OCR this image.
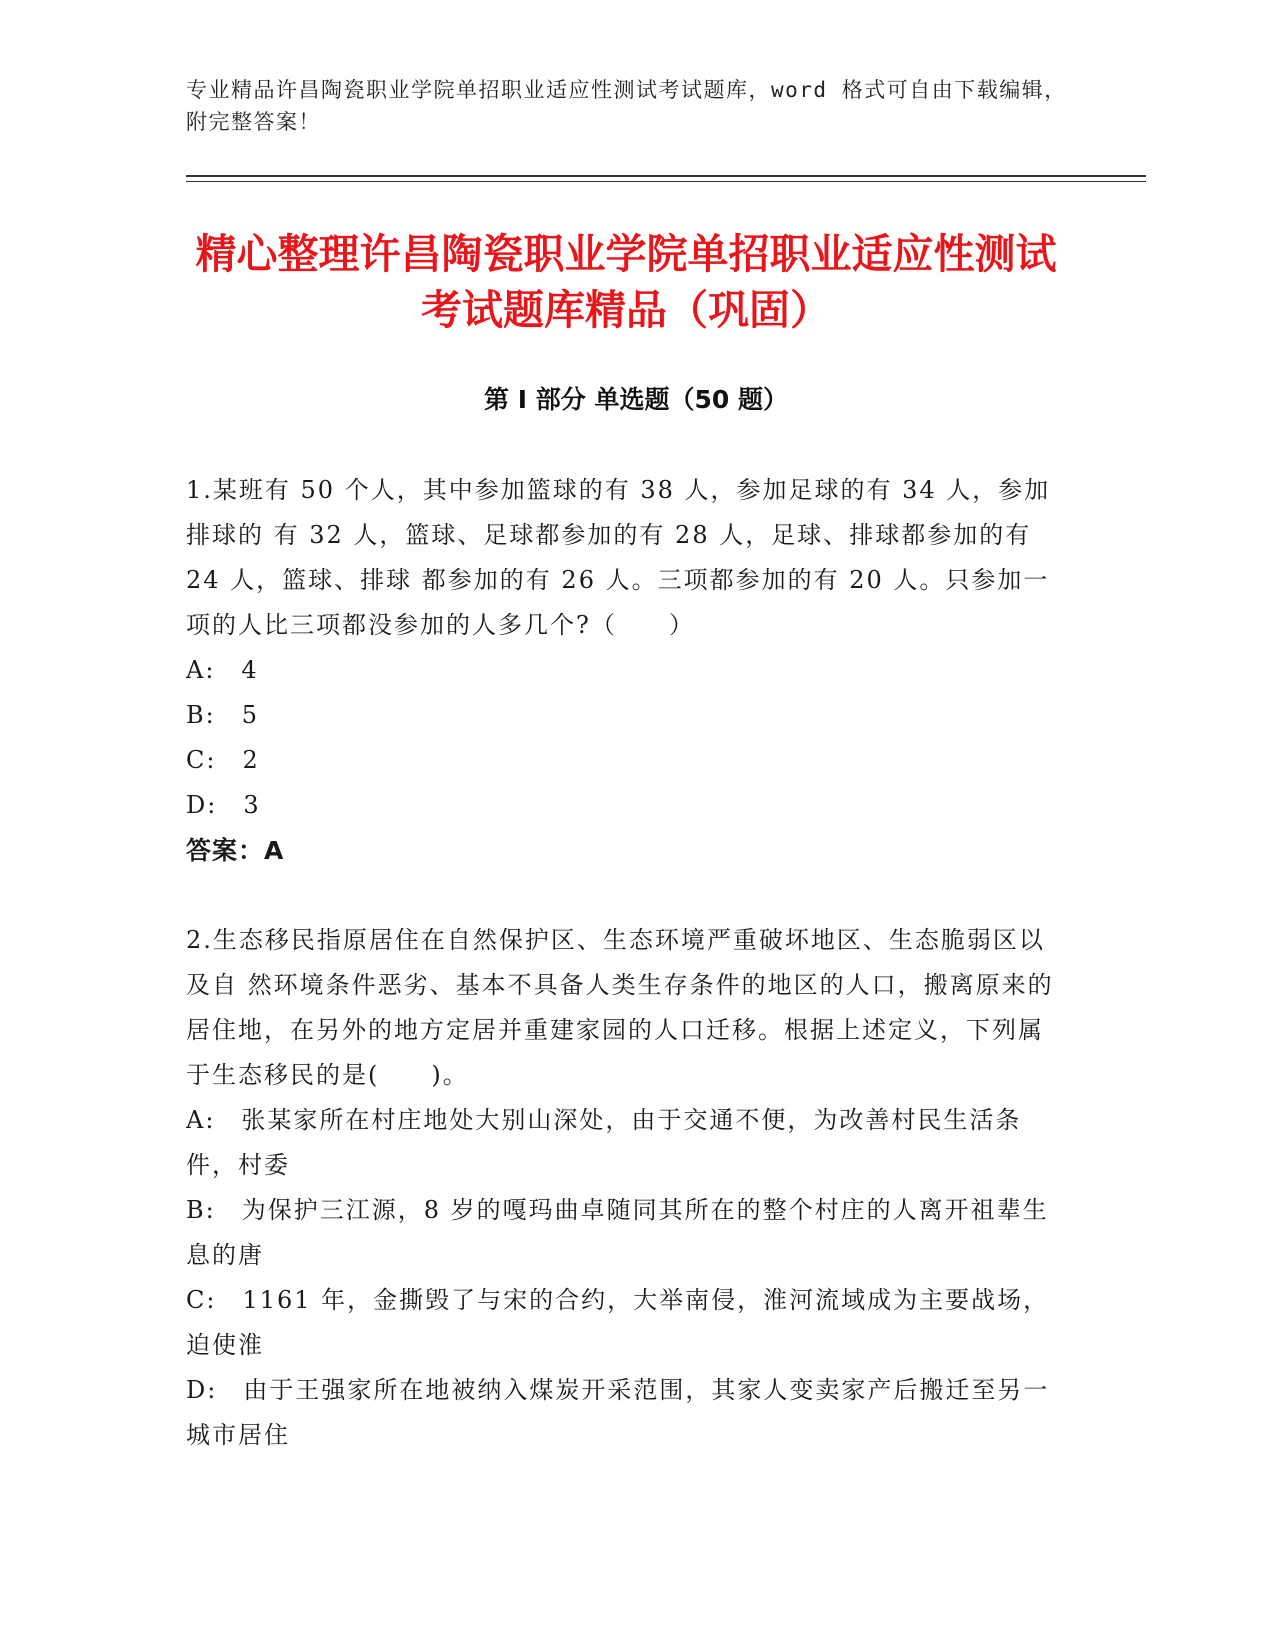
专业精品许昌陶瓷职业学院单招职业适应性测试考试题库，word 格式可自由下载编辑，附完整答案！
精心整理许昌陶瓷职业学院单招职业适应性测试考试题库精品（巩固）
第 I 部分 单选题（50 题）

1.某班有 50 个人，其中参加篮球的有 38 人，参加足球的有 34 人，参加排球的 有 32 人，篮球、足球都参加的有 28 人，足球、排球都参加的有 24 人，篮球、排球 都参加的有 26 人。三项都参加的有 20 人。只参加一项的人比三项都没参加的人多几个?（　　）

A:　4

B:　5

C:　2

D:　3

答案：A

2.生态移民指原居住在自然保护区、生态环境严重破坏地区、生态脆弱区以及自 然环境条件恶劣、基本不具备人类生存条件的地区的人口，搬离原来的居住地，在另外的地方定居并重建家园的人口迁移。根据上述定义，下列属于生态移民的是(　　)。

A:　张某家所在村庄地处大别山深处，由于交通不便，为改善村民生活条件，村委

B:　为保护三江源，8 岁的嘎玛曲卓随同其所在的整个村庄的人离开祖辈生息的唐

C:　1161 年，金撕毁了与宋的合约，大举南侵，淮河流域成为主要战场，迫使淮

D:　由于王强家所在地被纳入煤炭开采范围，其家人变卖家产后搬迁至另一城市居住
